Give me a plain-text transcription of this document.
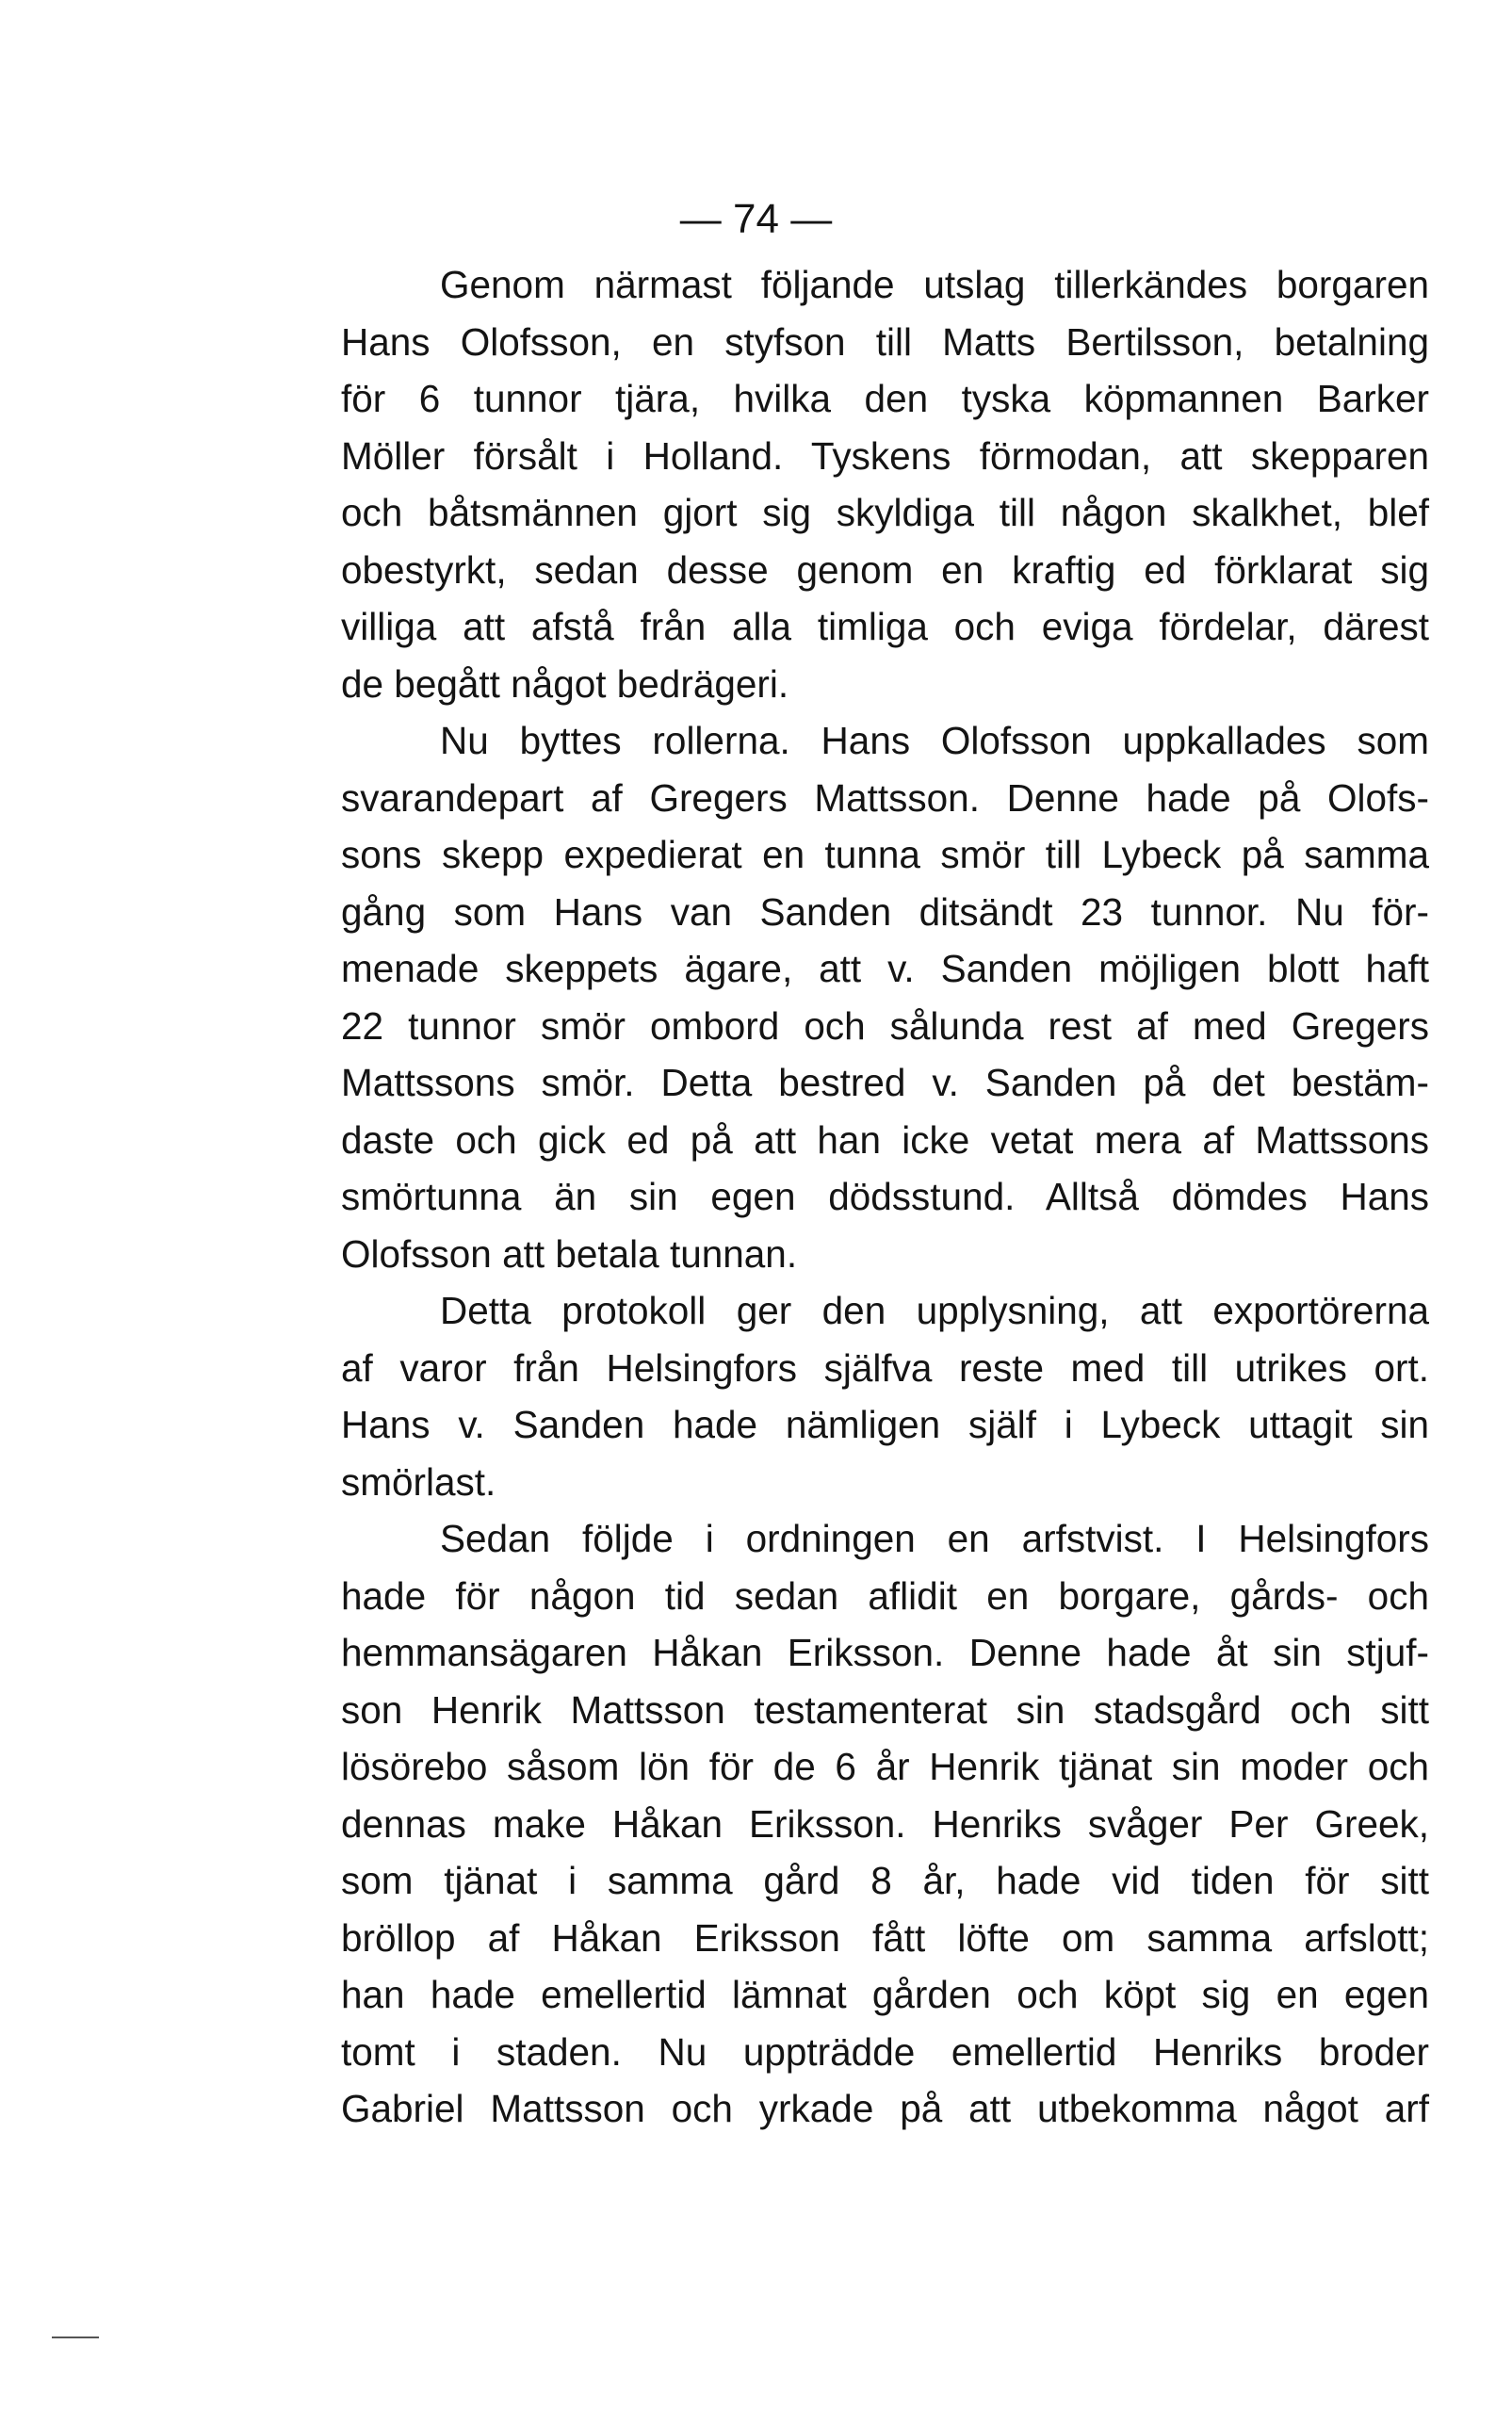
— 74 —
Genom närmast följande utslag tillerkändes borgaren
Hans Olofsson, en styfson till Matts Bertilsson, betalning
för 6 tunnor tjära, hvilka den tyska köpmannen Barker
Möller försålt i Holland. Tyskens förmodan, att skepparen
och båtsmännen gjort sig skyldiga till någon skalkhet, blef
obestyrkt, sedan desse genom en kraftig ed förklarat sig
villiga att afstå från alla timliga och eviga fördelar, därest
de begått något bedrägeri.
Nu byttes rollerna. Hans Olofsson uppkallades som
svarandepart af Gregers Mattsson. Denne hade på Olofs-
sons skepp expedierat en tunna smör till Lybeck på samma
gång som Hans van Sanden ditsändt 23 tunnor. Nu för-
menade skeppets ägare, att v. Sanden möjligen blott haft
22 tunnor smör ombord och sålunda rest af med Gregers
Mattssons smör. Detta bestred v. Sanden på det bestäm-
daste och gick ed på att han icke vetat mera af Mattssons
smörtunna än sin egen dödsstund. Alltså dömdes Hans
Olofsson att betala tunnan.
Detta protokoll ger den upplysning, att exportörerna
af varor från Helsingfors själfva reste med till utrikes ort.
Hans v. Sanden hade nämligen själf i Lybeck uttagit sin
smörlast.
Sedan följde i ordningen en arfstvist. I Helsingfors
hade för någon tid sedan aflidit en borgare, gårds- och
hemmansägaren Håkan Eriksson. Denne hade åt sin stjuf-
son Henrik Mattsson testamenterat sin stadsgård och sitt
lösörebo såsom lön för de 6 år Henrik tjänat sin moder och
dennas make Håkan Eriksson. Henriks svåger Per Greek,
som tjänat i samma gård 8 år, hade vid tiden för sitt
bröllop af Håkan Eriksson fått löfte om samma arfslott;
han hade emellertid lämnat gården och köpt sig en egen
tomt i staden. Nu uppträdde emellertid Henriks broder
Gabriel Mattsson och yrkade på att utbekomma något arf
